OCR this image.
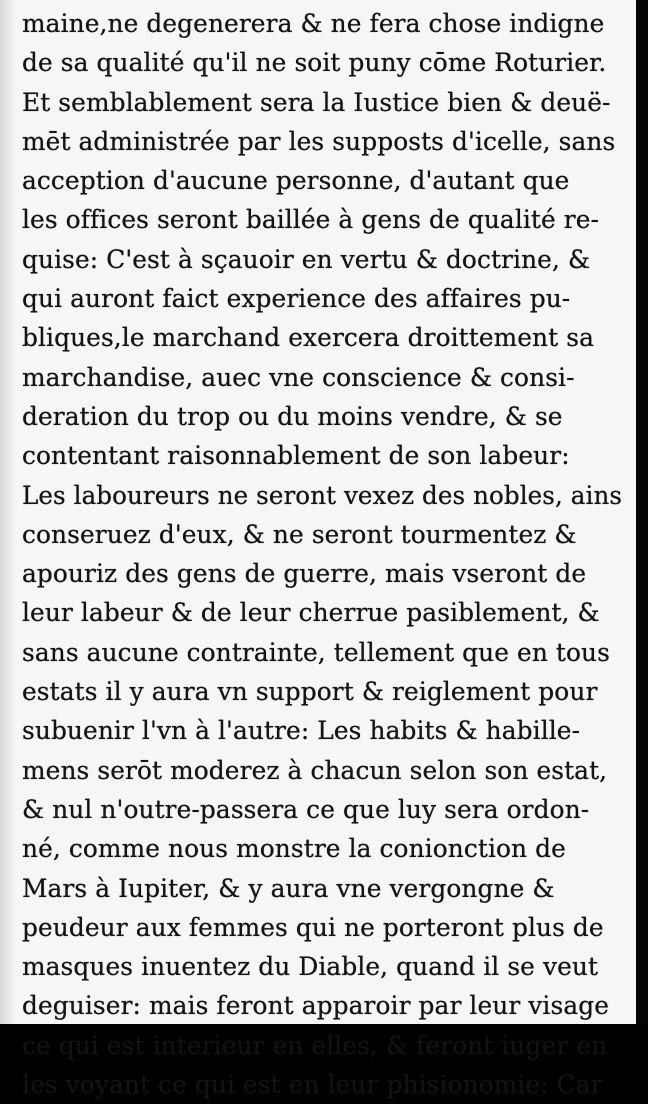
maine,ne degenerera & ne fera chose indigne
de sa qualité qu'il ne soit puny cōme Roturier.
Et semblablement sera la Iustice bien & deuë-
mēt administrée par les supposts d'icelle, sans
acception d'aucune personne, d'autant que
les offices seront baillée à gens de qualité re-
quise: C'est à sçauoir en vertu & doctrine, &
qui auront faict experience des affaires pu-
bliques,le marchand exercera droittement sa
marchandise, auec vne conscience & consi-
deration du trop ou du moins vendre, & se
contentant raisonnablement de son labeur:
Les laboureurs ne seront vexez des nobles, ains
conseruez d'eux, & ne seront tourmentez &
apouriz des gens de guerre, mais vseront de
leur labeur & de leur cherrue pasiblement, &
sans aucune contrainte, tellement que en tous
estats il y aura vn support & reiglement pour
subuenir l'vn à l'autre: Les habits & habille-
mens serōt moderez à chacun selon son estat,
& nul n'outre-passera ce que luy sera ordon-
né, comme nous monstre la conionction de
Mars à Iupiter, & y aura vne vergongne &
peudeur aux femmes qui ne porteront plus de
masques inuentez du Diable, quand il se veut
deguiser: mais feront apparoir par leur visage
ce qui est interieur en elles, & feront iuger en
les voyant ce qui est en leur phisionomie: Car
